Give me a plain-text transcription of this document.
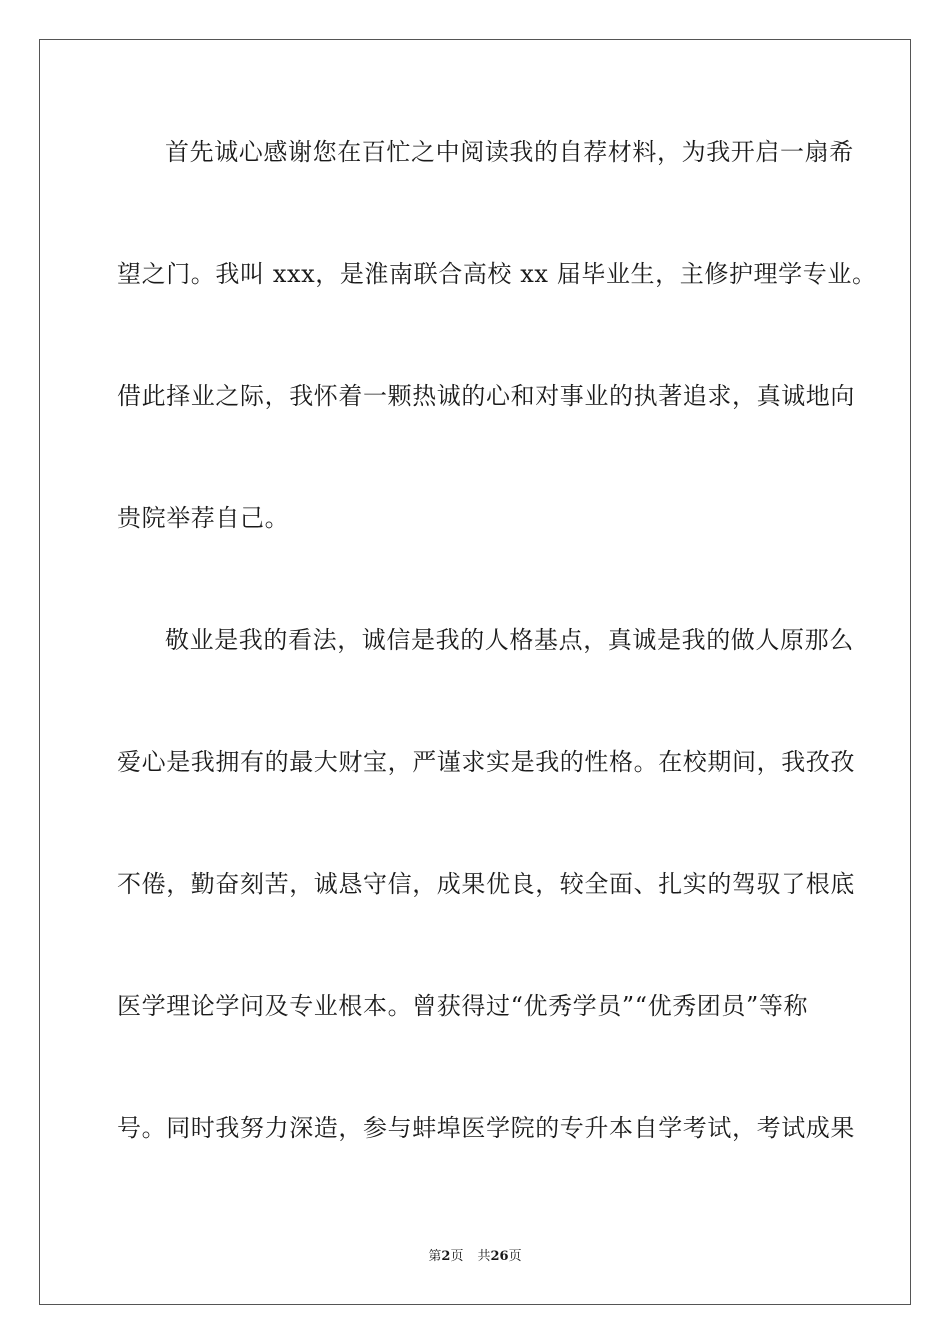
首先诚心感谢您在百忙之中阅读我的自荐材料，为我开启一扇希
望之门。我叫 xxx，是淮南联合高校 xx 届毕业生，主修护理学专业。
借此择业之际，我怀着一颗热诚的心和对事业的执著追求，真诚地向
贵院举荐自己。
敬业是我的看法，诚信是我的人格基点，真诚是我的做人原那么
爱心是我拥有的最大财宝，严谨求实是我的性格。在校期间，我孜孜
不倦，勤奋刻苦，诚恳守信，成果优良，较全面、扎实的驾驭了根底
医学理论学问及专业根本。曾获得过“优秀学员”“优秀团员”等称
号。同时我努力深造，参与蚌埠医学院的专升本自学考试，考试成果
第2页 共26页
